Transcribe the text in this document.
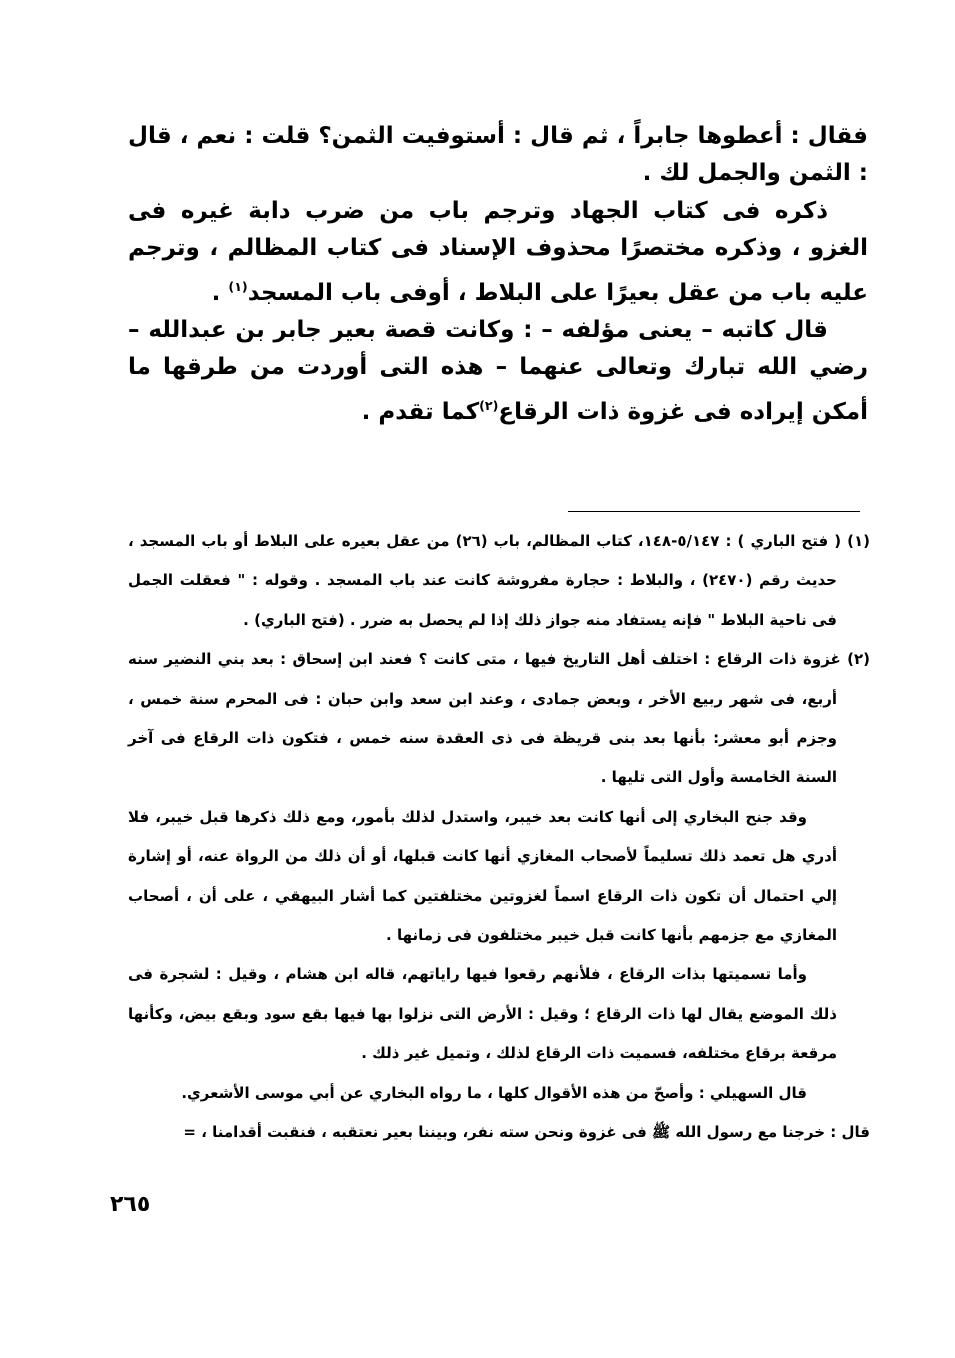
فقال : أعطوها جابراً ، ثم قال : أستوفيت الثمن؟ قلت : نعم ، قال : الثمن والجمل لك .

ذكره فى كتاب الجهاد وترجم باب من ضرب دابة غيره فى الغزو ، وذكره مختصرًا محذوف الإسناد فى كتاب المظالم ، وترجم عليه باب من عقل بعيرًا على البلاط ، أوفى باب المسجد$^{(١)}$ .

قال كاتبه – يعنى مؤلفه – : وكانت قصة بعير جابر بن عبدالله – رضي الله تبارك وتعالى عنهما – هذه التى أوردت من طرقها ما أمكن إيراده فى غزوة ذات الرقاع$^{(٢)}$كما تقدم .

(١) ( فتح الباري ) : ٥/١٤٧-١٤٨، كتاب المظالم، باب (٢٦) من عقل بعيره على البلاط أو باب المسجد ، حديث رقم (٢٤٧٠) ، والبلاط : حجارة مفروشة كانت عند باب المسجد . وقوله : " فعقلت الجمل فى ناحية البلاط " فإنه يستفاد منه جواز ذلك إذا لم يحصل به ضرر . (فتح الباري) .

(٢) غزوة ذات الرقاع : اختلف أهل التاريخ فيها ، متى كانت ؟ فعند ابن إسحاق : بعد بني النضير سنه أربع، فى شهر ربيع الأخر ، وبعض جمادى ، وعند ابن سعد وابن حبان : فى المحرم سنة خمس ، وجزم أبو معشر: بأنها بعد بنى قريظة فى ذى العقدة سنه خمس ، فتكون ذات الرقاع فى آخر السنة الخامسة وأول التى تليها .

وقد جنح البخاري إلى أنها كانت بعد خيبر، واستدل لذلك بأمور، ومع ذلك ذكرها قبل خيبر، فلا أدري هل تعمد ذلك تسليماً لأصحاب المغازي أنها كانت قبلها، أو أن ذلك من الرواة عنه، أو إشارة إلي احتمال أن تكون ذات الرقاع اسماً لغزوتين مختلفتين كما أشار البيهقي ، على أن ، أصحاب المغازي مع جزمهم بأنها كانت قبل خيبر مختلفون فى زمانها .

وأما تسميتها بذات الرقاع ، فلأنهم رقعوا فيها راياتهم، قاله ابن هشام ، وقيل : لشجرة فى ذلك الموضع يقال لها ذات الرقاع ؛ وقيل : الأرض التى نزلوا بها فيها بقع سود وبقع بيض، وكأنها مرقعة برقاع مختلفه، فسميت ذات الرقاع لذلك ، وتميل غير ذلك .

قال السهيلي : وأصحّ من هذه الأقوال كلها ، ما رواه البخاري عن أبي موسى الأشعري.

قال : خرجنا مع رسول الله ﷺ فى غزوة ونحن سته نفر، وبيننا بعير نعتقبه ، فنقبت أقدامنا ، =

٢٦٥
